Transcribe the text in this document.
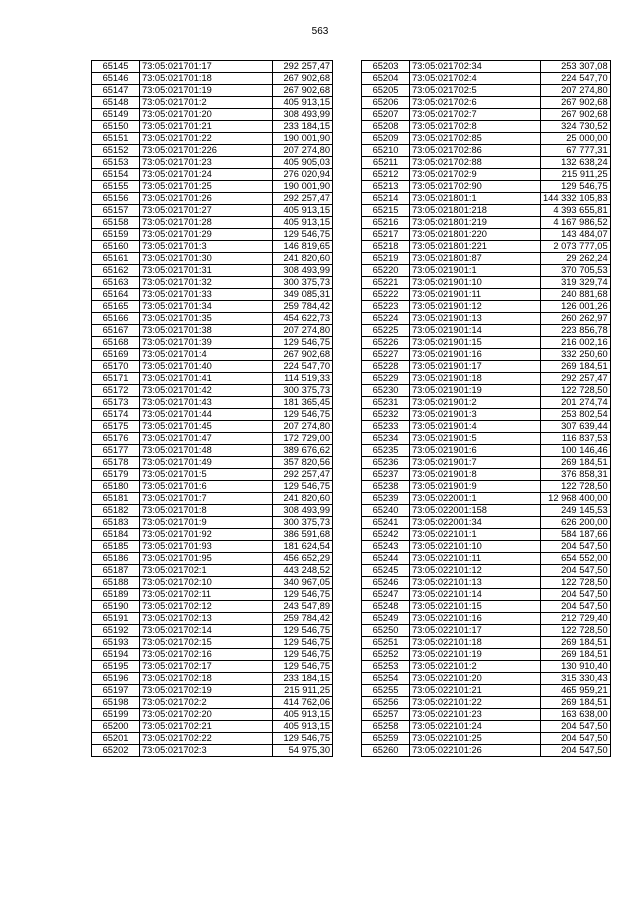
563
65145	73:05:021701:17	292 257,47
65146	73:05:021701:18	267 902,68
65147	73:05:021701:19	267 902,68
65148	73:05:021701:2	405 913,15
65149	73:05:021701:20	308 493,99
65150	73:05:021701:21	233 184,15
65151	73:05:021701:22	190 001,90
65152	73:05:021701:226	207 274,80
65153	73:05:021701:23	405 905,03
65154	73:05:021701:24	276 020,94
65155	73:05:021701:25	190 001,90
65156	73:05:021701:26	292 257,47
65157	73:05:021701:27	405 913,15
65158	73:05:021701:28	405 913,15
65159	73:05:021701:29	129 546,75
65160	73:05:021701:3	146 819,65
65161	73:05:021701:30	241 820,60
65162	73:05:021701:31	308 493,99
65163	73:05:021701:32	300 375,73
65164	73:05:021701:33	349 085,31
65165	73:05:021701:34	259 784,42
65166	73:05:021701:35	454 622,73
65167	73:05:021701:38	207 274,80
65168	73:05:021701:39	129 546,75
65169	73:05:021701:4	267 902,68
65170	73:05:021701:40	224 547,70
65171	73:05:021701:41	114 519,33
65172	73:05:021701:42	300 375,73
65173	73:05:021701:43	181 365,45
65174	73:05:021701:44	129 546,75
65175	73:05:021701:45	207 274,80
65176	73:05:021701:47	172 729,00
65177	73:05:021701:48	389 676,62
65178	73:05:021701:49	357 820,56
65179	73:05:021701:5	292 257,47
65180	73:05:021701:6	129 546,75
65181	73:05:021701:7	241 820,60
65182	73:05:021701:8	308 493,99
65183	73:05:021701:9	300 375,73
65184	73:05:021701:92	386 591,68
65185	73:05:021701:93	181 624,54
65186	73:05:021701:95	456 652,29
65187	73:05:021702:1	443 248,52
65188	73:05:021702:10	340 967,05
65189	73:05:021702:11	129 546,75
65190	73:05:021702:12	243 547,89
65191	73:05:021702:13	259 784,42
65192	73:05:021702:14	129 546,75
65193	73:05:021702:15	129 546,75
65194	73:05:021702:16	129 546,75
65195	73:05:021702:17	129 546,75
65196	73:05:021702:18	233 184,15
65197	73:05:021702:19	215 911,25
65198	73:05:021702:2	414 762,06
65199	73:05:021702:20	405 913,15
65200	73:05:021702:21	405 913,15
65201	73:05:021702:22	129 546,75
65202	73:05:021702:3	54 975,30
65203	73:05:021702:34	253 307,08
65204	73:05:021702:4	224 547,70
65205	73:05:021702:5	207 274,80
65206	73:05:021702:6	267 902,68
65207	73:05:021702:7	267 902,68
65208	73:05:021702:8	324 730,52
65209	73:05:021702:85	25 000,00
65210	73:05:021702:86	67 777,31
65211	73:05:021702:88	132 638,24
65212	73:05:021702:9	215 911,25
65213	73:05:021702:90	129 546,75
65214	73:05:021801:1	144 332 105,83
65215	73:05:021801:218	4 393 655,81
65216	73:05:021801:219	4 167 986,52
65217	73:05:021801:220	143 484,07
65218	73:05:021801:221	2 073 777,05
65219	73:05:021801:87	29 262,24
65220	73:05:021901:1	370 705,53
65221	73:05:021901:10	319 329,74
65222	73:05:021901:11	240 881,68
65223	73:05:021901:12	126 001,26
65224	73:05:021901:13	260 262,97
65225	73:05:021901:14	223 856,78
65226	73:05:021901:15	216 002,16
65227	73:05:021901:16	332 250,60
65228	73:05:021901:17	269 184,51
65229	73:05:021901:18	292 257,47
65230	73:05:021901:19	122 728,50
65231	73:05:021901:2	201 274,74
65232	73:05:021901:3	253 802,54
65233	73:05:021901:4	307 639,44
65234	73:05:021901:5	116 837,53
65235	73:05:021901:6	100 146,46
65236	73:05:021901:7	269 184,51
65237	73:05:021901:8	376 858,31
65238	73:05:021901:9	122 728,50
65239	73:05:022001:1	12 968 400,00
65240	73:05:022001:158	249 145,53
65241	73:05:022001:34	626 200,00
65242	73:05:022101:1	584 187,66
65243	73:05:022101:10	204 547,50
65244	73:05:022101:11	654 552,00
65245	73:05:022101:12	204 547,50
65246	73:05:022101:13	122 728,50
65247	73:05:022101:14	204 547,50
65248	73:05:022101:15	204 547,50
65249	73:05:022101:16	212 729,40
65250	73:05:022101:17	122 728,50
65251	73:05:022101:18	269 184,51
65252	73:05:022101:19	269 184,51
65253	73:05:022101:2	130 910,40
65254	73:05:022101:20	315 330,43
65255	73:05:022101:21	465 959,21
65256	73:05:022101:22	269 184,51
65257	73:05:022101:23	163 638,00
65258	73:05:022101:24	204 547,50
65259	73:05:022101:25	204 547,50
65260	73:05:022101:26	204 547,50
